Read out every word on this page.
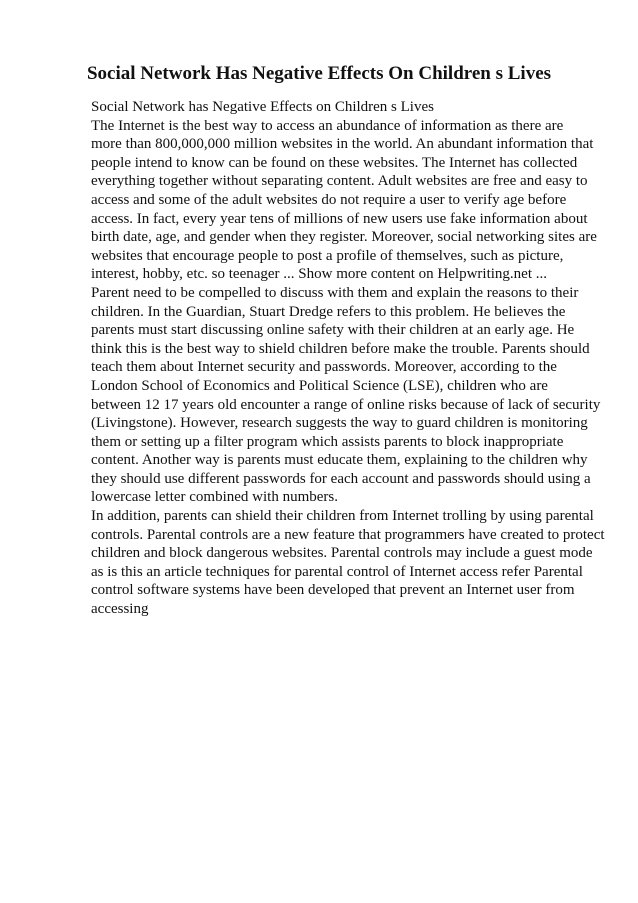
Social Network Has Negative Effects On Children s Lives
Social Network has Negative Effects on Children s Lives
The Internet is the best way to access an abundance of information as there are
more than 800,000,000 million websites in the world. An abundant information that
people intend to know can be found on these websites. The Internet has collected
everything together without separating content. Adult websites are free and easy to
access and some of the adult websites do not require a user to verify age before
access. In fact, every year tens of millions of new users use fake information about
birth date, age, and gender when they register. Moreover, social networking sites are
websites that encourage people to post a profile of themselves, such as picture,
interest, hobby, etc. so teenager ... Show more content on Helpwriting.net ...
Parent need to be compelled to discuss with them and explain the reasons to their
children. In the Guardian, Stuart Dredge refers to this problem. He believes the
parents must start discussing online safety with their children at an early age. He
think this is the best way to shield children before make the trouble. Parents should
teach them about Internet security and passwords. Moreover, according to the
London School of Economics and Political Science (LSE), children who are
between 12 17 years old encounter a range of online risks because of lack of security
(Livingstone). However, research suggests the way to guard children is monitoring
them or setting up a filter program which assists parents to block inappropriate
content. Another way is parents must educate them, explaining to the children why
they should use different passwords for each account and passwords should using a
lowercase letter combined with numbers.
In addition, parents can shield their children from Internet trolling by using parental
controls. Parental controls are a new feature that programmers have created to protect
children and block dangerous websites. Parental controls may include a guest mode
as is this an article techniques for parental control of Internet access refer Parental
control software systems have been developed that prevent an Internet user from
accessing
